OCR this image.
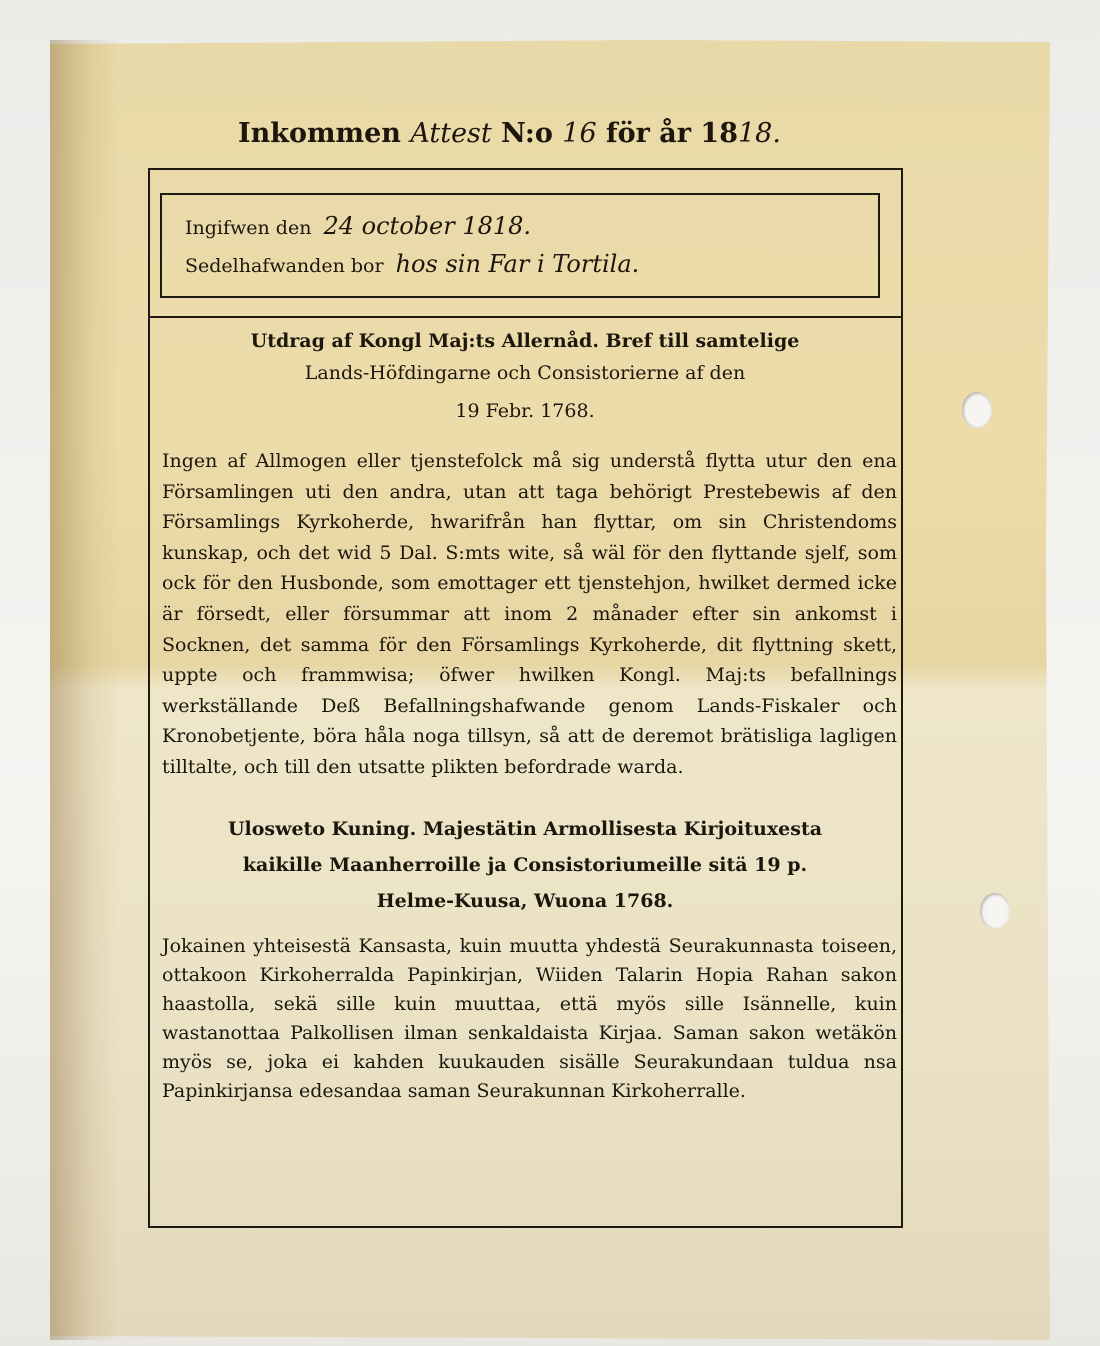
Inkommen Attest N:o 16 för år 1818.
Ingifwen den 24 october 1818.
Sedelhafwanden bor hos sin Far i Tortila.
Utdrag af Kongl Maj:ts Allernåd. Bref till samtelige
Lands-Höfdingarne och Consistorierne af den
19 Febr. 1768.
Ingen af Allmogen eller tjenstefolck må sig understå flytta utur den ena Församlingen uti den andra, utan att taga behörigt Prestebewis af den Församlings Kyrkoherde, hwarifrån han flyttar, om sin Christendoms kunskap, och det wid 5 Dal. S:mts wite, så wäl för den flyttande sjelf, som ock för den Husbonde, som emottager ett tjenstehjon, hwilket dermed icke är försedt, eller försummar att inom 2 månader efter sin ankomst i Socknen, det samma för den Församlings Kyrkoherde, dit flyttning skett, uppte och frammwisa; öfwer hwilken Kongl. Maj:ts befallnings werkställande Deß Befallningshafwande genom Lands-Fiskaler och Kronobetjente, böra håla noga tillsyn, så att de deremot brätisliga lagligen tilltalte, och till den utsatte plikten befordrade warda.
Ulosweto Kuning. Majestätin Armollisesta Kirjoituxesta
kaikille Maanherroille ja Consistoriumeille sitä 19 p.
Helme-Kuusa, Wuona 1768.
Jokainen yhteisestä Kansasta, kuin muutta yhdestä Seurakunnasta toiseen, ottakoon Kirkoherralda Papinkirjan, Wiiden Talarin Hopia Rahan sakon haastolla, sekä sille kuin muuttaa, että myös sille Isännelle, kuin wastanottaa Palkollisen ilman senkaldaista Kirjaa. Saman sakon wetäkön myös se, joka ei kahden kuukauden sisälle Seurakundaan tuldua nsa Papinkirjansa edesandaa saman Seurakunnan Kirkoherralle.
